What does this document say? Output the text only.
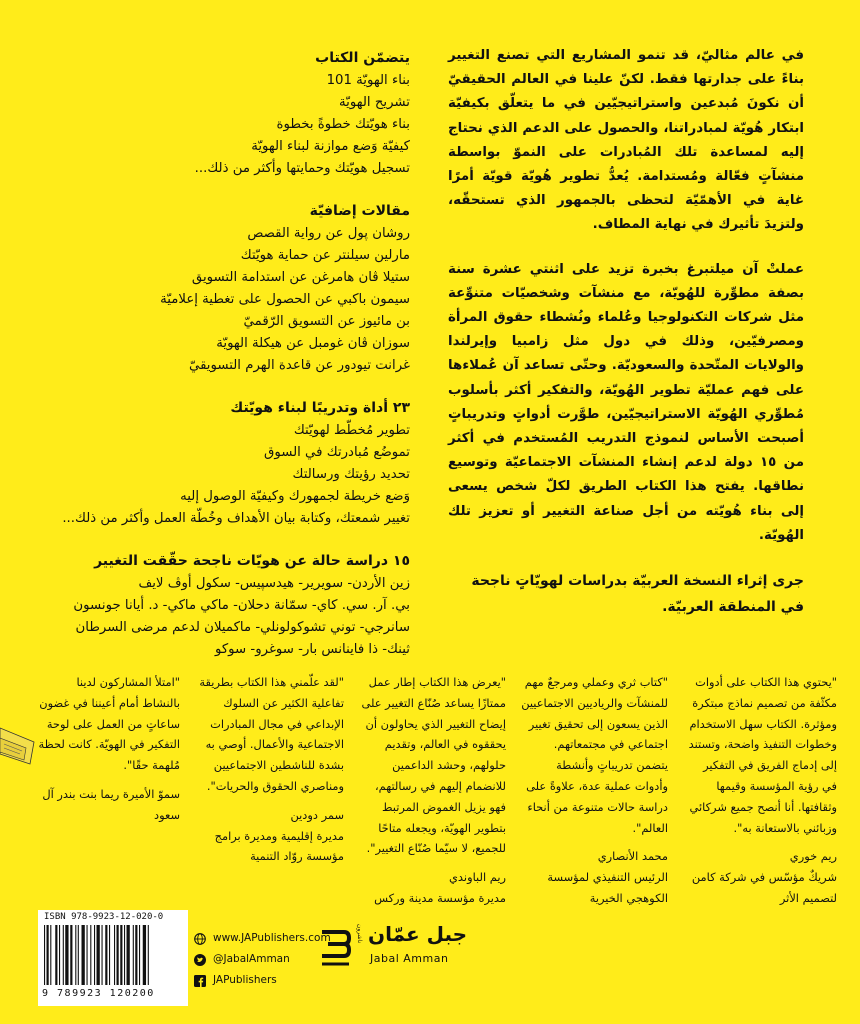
في عالم مثاليّ، قد تنمو المشاريع التي تصنع التغيير بناءً على جدارتها فقط. لكنّ علينا في العالم الحقيقيّ أن نكونَ مُبدعين واستراتيجيّين في ما يتعلّق بكيفيّة ابتكار هُويّة لمبادراتنا، والحصول على الدعم الذي نحتاج إليه لمساعدة تلك المُبادرات على النموّ بواسطة منشآتٍ فعّالة ومُستدامة. يُعدُّ تطوير هُويّة قويّة أمرًا غاية في الأهمّيّة لتحظى بالجمهور الذي تستحقّه، ولتزيدَ تأثيرك في نهاية المطاف.

عملتْ آن ميلتبرغ بخبرة تزيد على اثنتي عشرة سنة بصفة مطوِّرة للهُويّة، مع منشآت وشخصيّات متنوِّعة مثل شركات التكنولوجيا وعُلماء ونُشطاء حقوق المرأة ومصرفيّين، وذلك في دول مثل زامبيا وإيرلندا والولايات المتّحدة والسعوديّة. وحتّى تساعد آن عُملاءها على فهم عمليّة تطوير الهُويّة، والتفكير أكثر بأسلوب مُطوِّري الهُويّة الاستراتيجيّين، طوَّرت أدواتٍ وتدريباتٍ أصبحت الأساس لنموذج التدريب المُستخدم في أكثر من ١٥ دولة لدعم إنشاء المنشآت الاجتماعيّة وتوسيع نطاقها. يفتح هذا الكتاب الطريق لكلّ شخص يسعى إلى بناء هُويّته من أجل صناعة التغيير أو تعزيز تلك الهُويّة.

جرى إثراء النسخة العربيّة بدراسات لهويّاتٍ ناجحة في المنطقة العربيّة.

يتضمّن الكتاب
بناء الهويّة 101
تشريح الهويّة
بناء هويّتك خطوةً بخطوة
كيفيّة وَضع موازنة لبناء الهويّة
تسجيل هويّتك وحمايتها وأكثر من ذلك...
مقالات إضافيّة
روشان پول عن رواية القصص
مارلين سيلنتر عن حماية هويّتك
ستيلا ڤان هامرغن عن استدامة التسويق
سيمون باكبي عن الحصول على تغطية إعلاميّة
بن مائيوز عن التسويق الرّقميّ
سوزان ڤان غومبل عن هيكلة الهويّة
غرانت تيودور عن قاعدة الهرم التسويقيّ
٢٣ أداة وتدريبًا لبناء هويّتك
تطوير مُخطّط لهويّتك
تموضُع مُبادرتك في السوق
تحديد رؤيتك ورسالتك
وَضع خريطة لجمهورك وكيفيّة الوصول إليه
تغيير شمعتك، وكتابة بيان الأهداف وخُطّة العمل وأكثر من ذلك...
١٥ دراسة حالة عن هويّات ناجحة حقّقت التغيير
زين الأردن- سويرير- هيدسپيس- سكول أوڤ لايف
بي. آر. سي. كاي- سمّانة دحلان- ماكي ماكي- د. أيانا جونسون
سانرجي- توني تشوكولونلي- ماكميلان لدعم مرضى السرطان
ثينك- ذا فاينانس بار- سوغرو- سوكو

"يحتوي هذا الكتاب على أدوات مكثّفة من تصميم نماذج مبتكرة ومؤثرة. الكتاب سهل الاستخدام وخطوات التنفيذ واضحة، وتستند إلى إدماج الفريق في التفكير في رؤية المؤسسة وقيمها وثقافتها. أنا أنصح جميع شركائي وزبائني بالاستعانة به".

ريم خوري
شريكٌ مؤسّس في شركة كامن لتصميم الأثر

"كتاب ثري وعملي ومرجعٌ مهم للمنشآت والرياديين الاجتماعيين الذين يسعون إلى تحقيق تغيير اجتماعي في مجتمعاتهم. يتضمن تدريباتٍ وأنشطة وأدوات عملية عدة، علاوةً على دراسة حالات متنوعة من أنحاء العالم".

محمد الأنصاري
الرئيس التنفيذي لمؤسسة الكوهجي الخيرية

"يعرض هذا الكتاب إطار عمل ممتازًا يساعد صُنّاع التغيير على إيضاح التغيير الذي يحاولون أن يحققوه في العالم، وتقديم حلولهم، وحشد الداعمين للانضمام إليهم في رسالتهم، فهو يزيل الغموض المرتبط بتطوير الهويّة، ويجعله متاحًا للجميع، لا سيّما صُنّاع التغيير".

ريم الباوندي
مديرة مؤسسة مدينة وركس

"لقد علّمني هذا الكتاب بطريقة تفاعلية الكثير عن السلوك الإبداعي في مجال المبادرات الاجتماعية والأعمال. أوصي به بشدة للناشطين الاجتماعيين ومناصري الحقوق والحريات".

سمر دودين
مديرة إقليمية ومديرة برامج مؤسسة روّاد التنمية

"امتلأ المشاركون لدينا بالنشاط أمام أعيننا في غضون ساعاتٍ من العمل على لوحة التفكير في الهويّة. كانت لحظة مُلهمة حقًا".

سموّ الأميرة ريما بنت بندر آل سعود
ISBN 978-9923-12-020-0
9 789923 120200
www.JAPublishers.com
@JabalAmman
JAPublishers
ناشرون جبل عمّان
Jabal Amman
